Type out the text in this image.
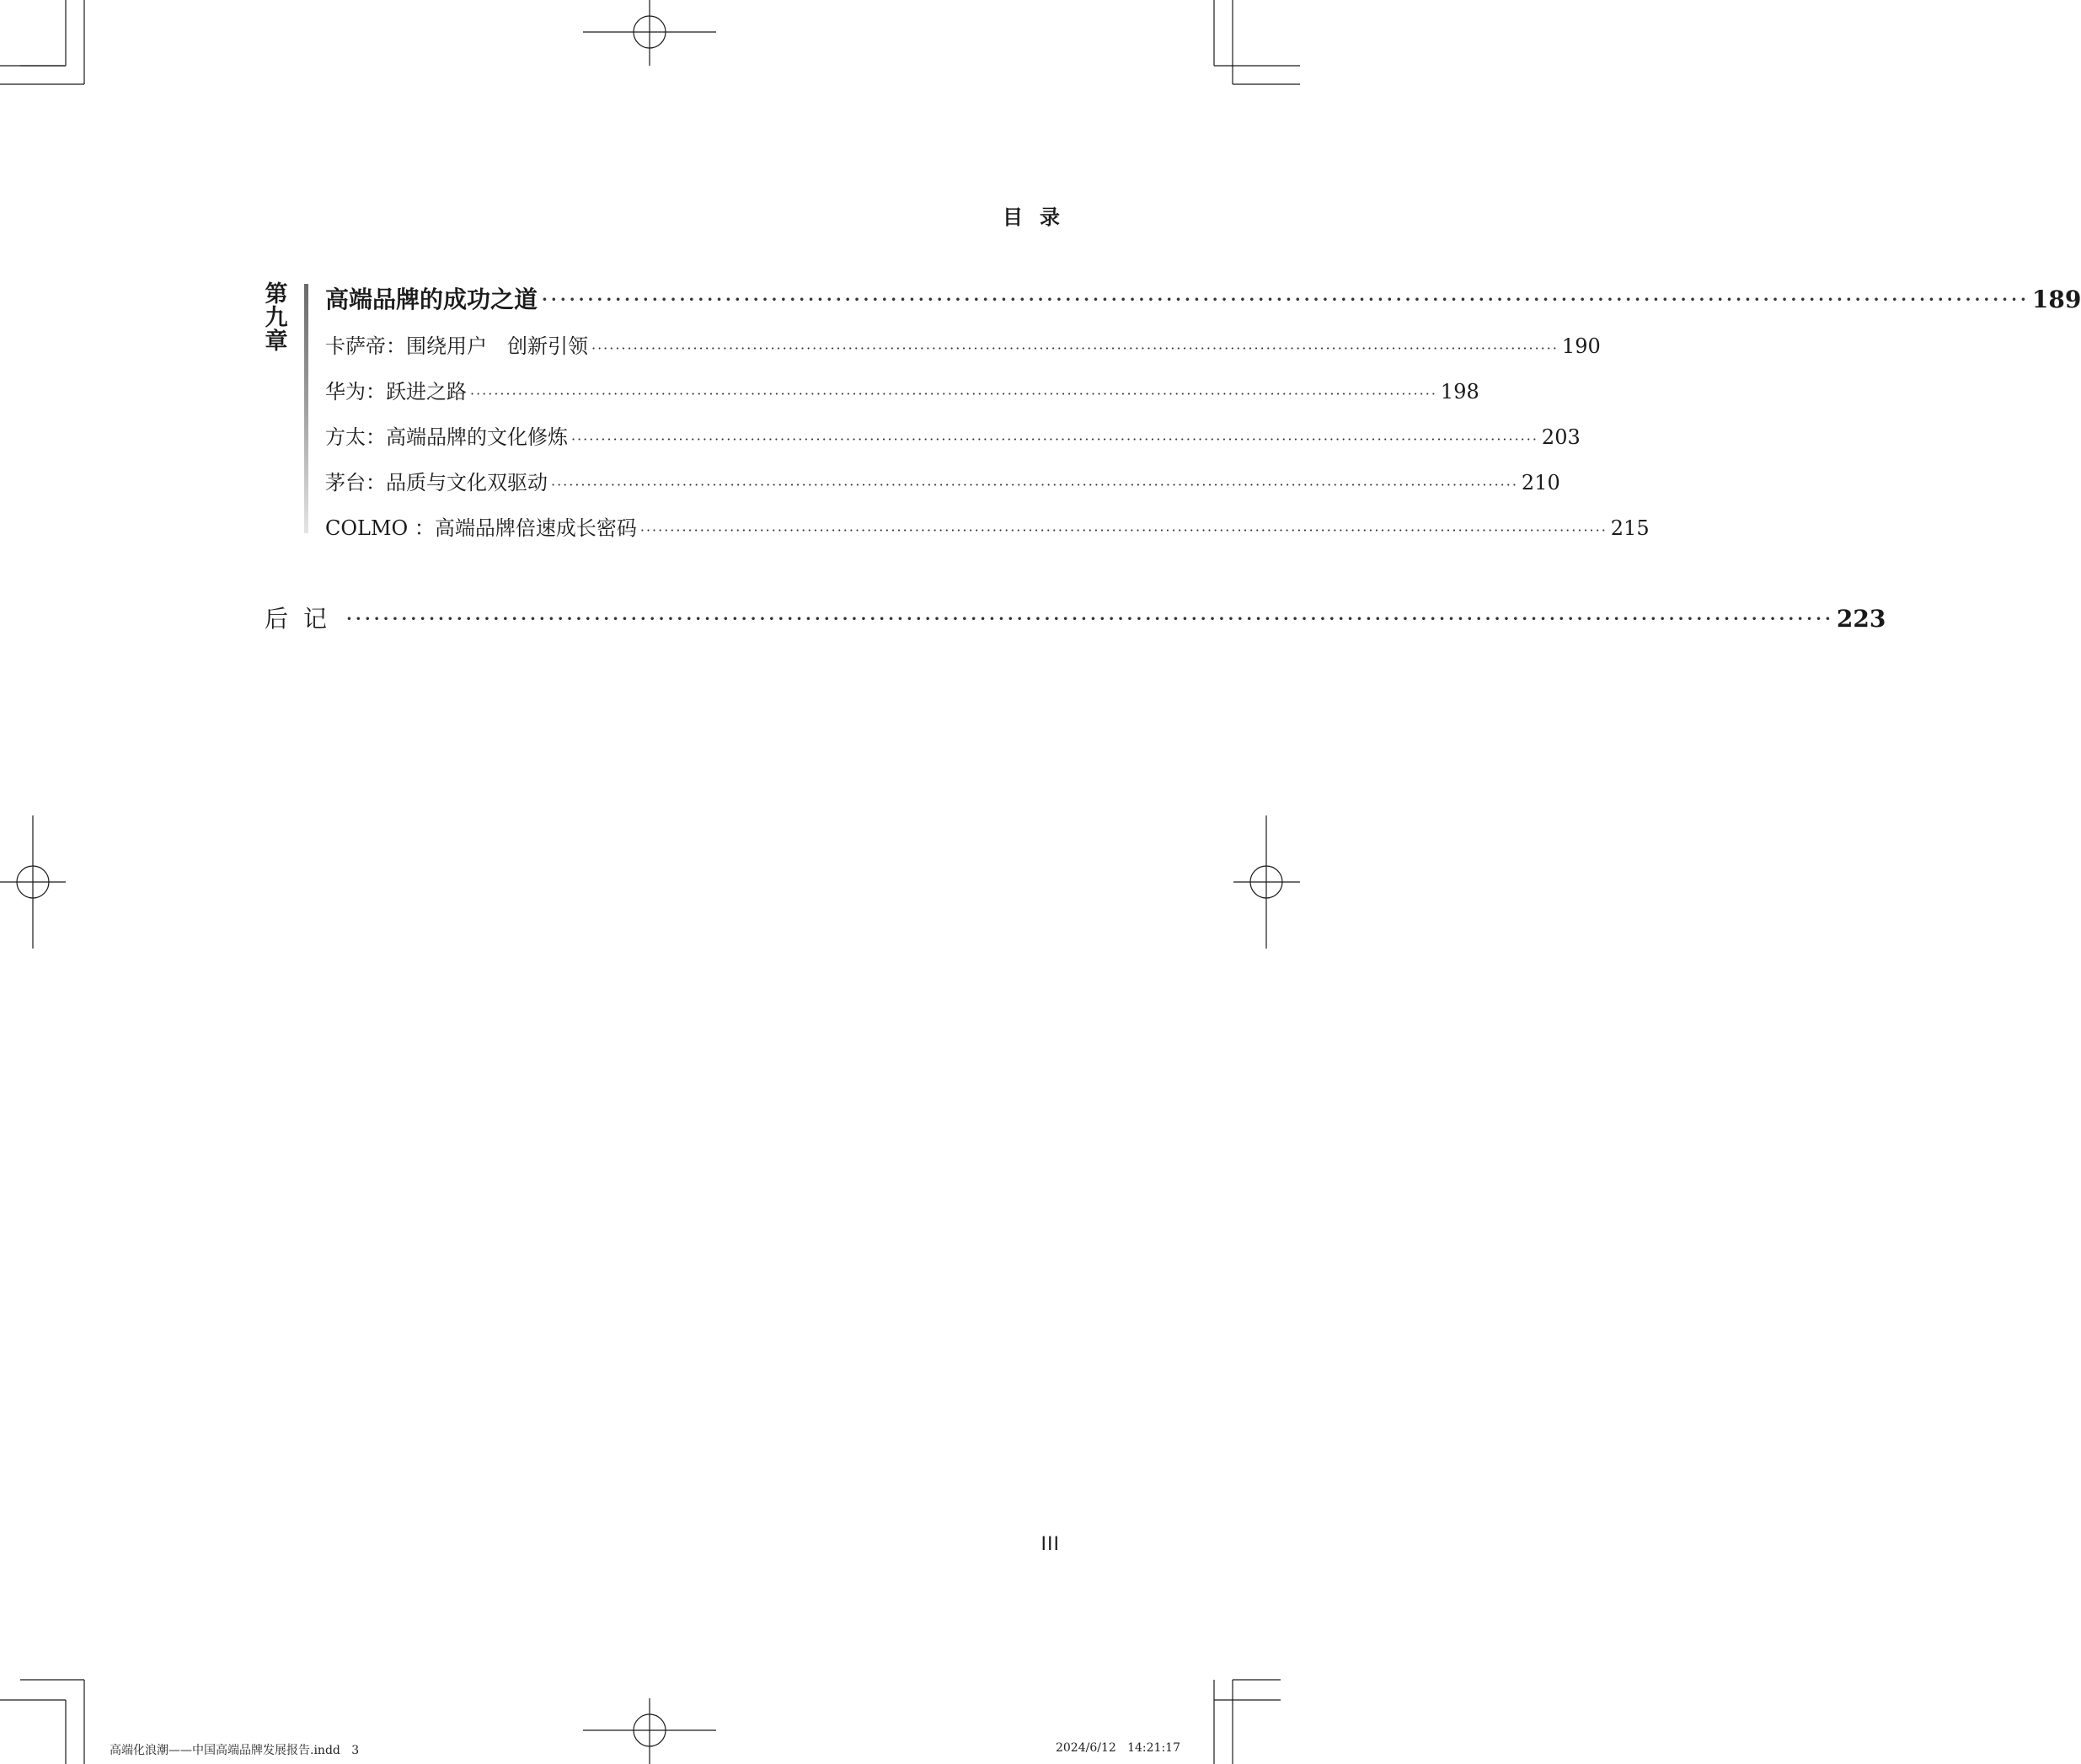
目录
第九章
高端品牌的成功之道 ·································································································································································· 189
卡萨帝：围绕用户　创新引领 ·································································································································································· 190
华为：跃进之路 ·································································································································································· 198
方太：高端品牌的文化修炼 ·································································································································································· 203
茅台：品质与文化双驱动 ·································································································································································· 210
COLMO ：高端品牌倍速成长密码 ·································································································································································· 215
后记 ·································································································································································· 223
III
高端化浪潮——中国高端品牌发展报告.indd   3	2024/6/12   14:21:17
